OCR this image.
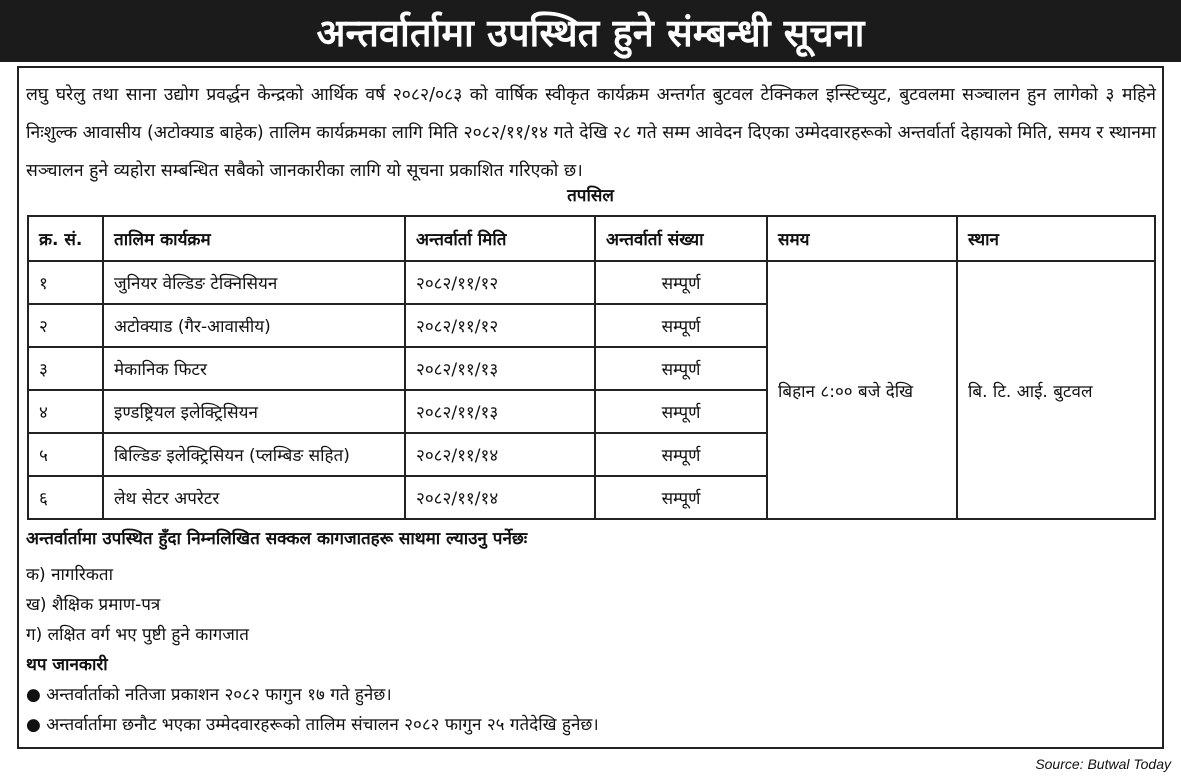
अन्तर्वार्तामा उपस्थित हुने संम्बन्धी सूचना
लघु घरेलु तथा साना उद्योग प्रवर्द्धन केन्द्रको आर्थिक वर्ष २०८२/०८३ को वार्षिक स्वीकृत कार्यक्रम अन्तर्गत बुटवल टेक्निकल इन्स्टिच्युट, बुटवलमा सञ्चालन हुन लागेको ३ महिने निःशुल्क आवासीय (अटोक्याड बाहेक) तालिम कार्यक्रमका लागि मिति २०८२/११/१४ गते देखि २८ गते सम्म आवेदन दिएका उम्मेदवारहरूको अन्तर्वार्ता देहायको मिति, समय र स्थानमा सञ्चालन हुने व्यहोरा सम्बन्धित सबैको जानकारीका लागि यो सूचना प्रकाशित गरिएको छ।
तपसिल
क्र. सं.	तालिम कार्यक्रम	अन्तर्वार्ता मिति	अन्तर्वार्ता संख्या	समय	स्थान
१	जुनियर वेल्डिङ टेक्निसियन	२०८२/११/१२	सम्पूर्ण	बिहान ८:०० बजे देखि	बि. टि. आई. बुटवल
२	अटोक्याड (गैर-आवासीय)	२०८२/११/१२	सम्पूर्ण		
३	मेकानिक फिटर	२०८२/११/१३	सम्पूर्ण		
४	इण्डष्ट्रियल इलेक्ट्रिसियन	२०८२/११/१३	सम्पूर्ण		
५	बिल्डिङ इलेक्ट्रिसियन (प्लम्बिङ सहित)	२०८२/११/१४	सम्पूर्ण		
६	लेथ सेटर अपरेटर	२०८२/११/१४	सम्पूर्ण		
अन्तर्वार्तामा उपस्थित हुँदा निम्नलिखित सक्कल कागजातहरू साथमा ल्याउनु पर्नेछः
क) नागरिकता
ख) शैक्षिक प्रमाण-पत्र
ग) लक्षित वर्ग भए पुष्टी हुने कागजात
थप जानकारी
● अन्तर्वार्ताको नतिजा प्रकाशन २०८२ फागुन १७ गते हुनेछ।
● अन्तर्वार्तामा छनौट भएका उम्मेदवारहरूको तालिम संचालन २०८२ फागुन २५ गतेदेखि हुनेछ।
Source: Butwal Today
